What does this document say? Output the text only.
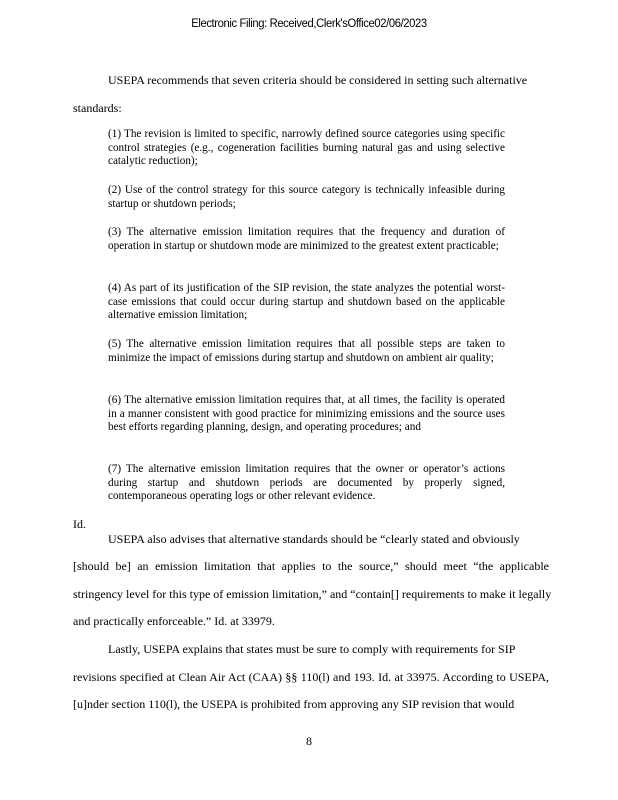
Electronic Filing: Received,Clerk'sOffice02/06/2023
USEPA recommends that seven criteria should be considered in setting such alternative
standards:

(1) The revision is limited to specific, narrowly defined source categories using specific control strategies (e.g., cogeneration facilities burning natural gas and using selective catalytic reduction);

(2) Use of the control strategy for this source category is technically infeasible during startup or shutdown periods;

(3) The alternative emission limitation requires that the frequency and duration of operation in startup or shutdown mode are minimized to the greatest extent practicable;

(4) As part of its justification of the SIP revision, the state analyzes the potential worst-case emissions that could occur during startup and shutdown based on the applicable alternative emission limitation;

(5) The alternative emission limitation requires that all possible steps are taken to minimize the impact of emissions during startup and shutdown on ambient air quality;

(6) The alternative emission limitation requires that, at all times, the facility is operated in a manner consistent with good practice for minimizing emissions and the source uses best efforts regarding planning, design, and operating procedures; and

(7) The alternative emission limitation requires that the owner or operator’s actions during startup and shutdown periods are documented by properly signed, contemporaneous operating logs or other relevant evidence.

Id.
USEPA also advises that alternative standards should be “clearly stated and obviously
[should be] an emission limitation that applies to the source,” should meet “the applicable
stringency level for this type of emission limitation,” and “contain[] requirements to make it legally
and practically enforceable.” Id. at 33979.
Lastly, USEPA explains that states must be sure to comply with requirements for SIP
revisions specified at Clean Air Act (CAA) §§ 110(l) and 193. Id. at 33975. According to USEPA,
[u]nder section 110(l), the USEPA is prohibited from approving any SIP revision that would
8
